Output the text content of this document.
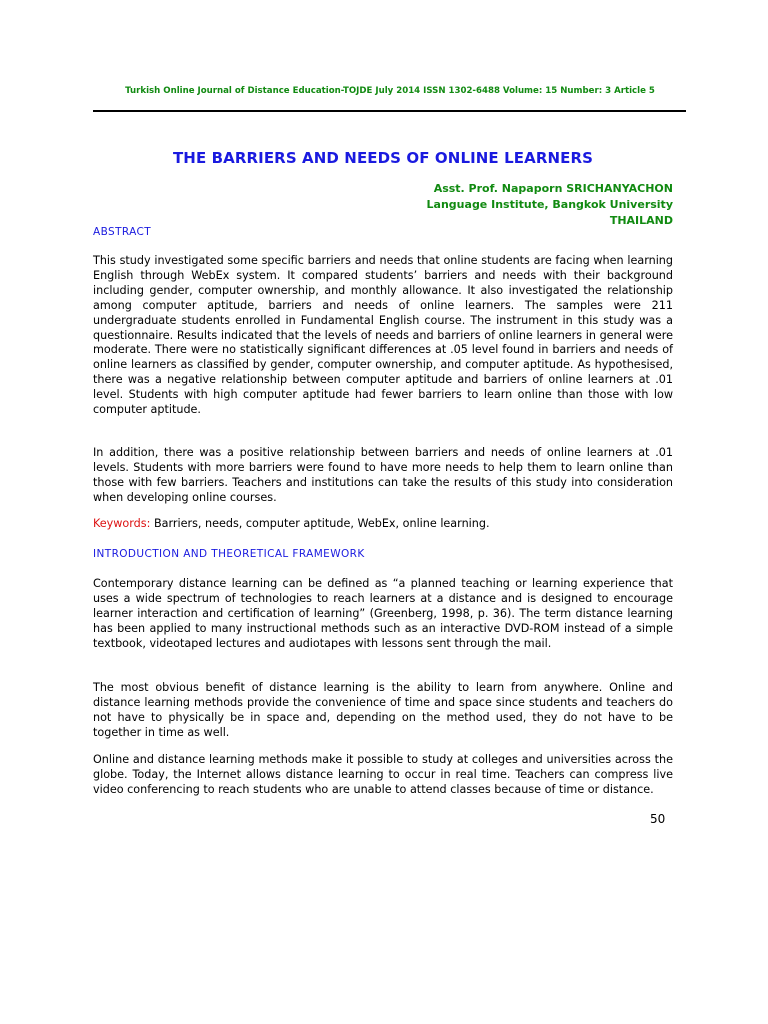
Turkish Online Journal of Distance Education-TOJDE July 2014 ISSN 1302-6488 Volume: 15 Number: 3 Article 5
THE BARRIERS AND NEEDS OF ONLINE LEARNERS
Asst. Prof. Napaporn SRICHANYACHON
Language Institute, Bangkok University
THAILAND
ABSTRACT
This study investigated some specific barriers and needs that online students are facing when learning English through WebEx system. It compared students’ barriers and needs with their background including gender, computer ownership, and monthly allowance. It also investigated the relationship among computer aptitude, barriers and needs of online learners. The samples were 211 undergraduate students enrolled in Fundamental English course. The instrument in this study was a questionnaire. Results indicated that the levels of needs and barriers of online learners in general were moderate. There were no statistically significant differences at .05 level found in barriers and needs of online learners as classified by gender, computer ownership, and computer aptitude. As hypothesised, there was a negative relationship between computer aptitude and barriers of online learners at .01 level. Students with high computer aptitude had fewer barriers to learn online than those with low computer aptitude.
In addition, there was a positive relationship between barriers and needs of online learners at .01 levels. Students with more barriers were found to have more needs to help them to learn online than those with few barriers. Teachers and institutions can take the results of this study into consideration when developing online courses.
Keywords: Barriers, needs, computer aptitude, WebEx, online learning.
INTRODUCTION AND THEORETICAL FRAMEWORK
Contemporary distance learning can be defined as “a planned teaching or learning experience that uses a wide spectrum of technologies to reach learners at a distance and is designed to encourage learner interaction and certification of learning” (Greenberg, 1998, p. 36). The term distance learning has been applied to many instructional methods such as an interactive DVD-ROM instead of a simple textbook, videotaped lectures and audiotapes with lessons sent through the mail.
The most obvious benefit of distance learning is the ability to learn from anywhere. Online and distance learning methods provide the convenience of time and space since students and teachers do not have to physically be in space and, depending on the method used, they do not have to be together in time as well.
Online and distance learning methods make it possible to study at colleges and universities across the globe. Today, the Internet allows distance learning to occur in real time. Teachers can compress live video conferencing to reach students who are unable to attend classes because of time or distance.
50
